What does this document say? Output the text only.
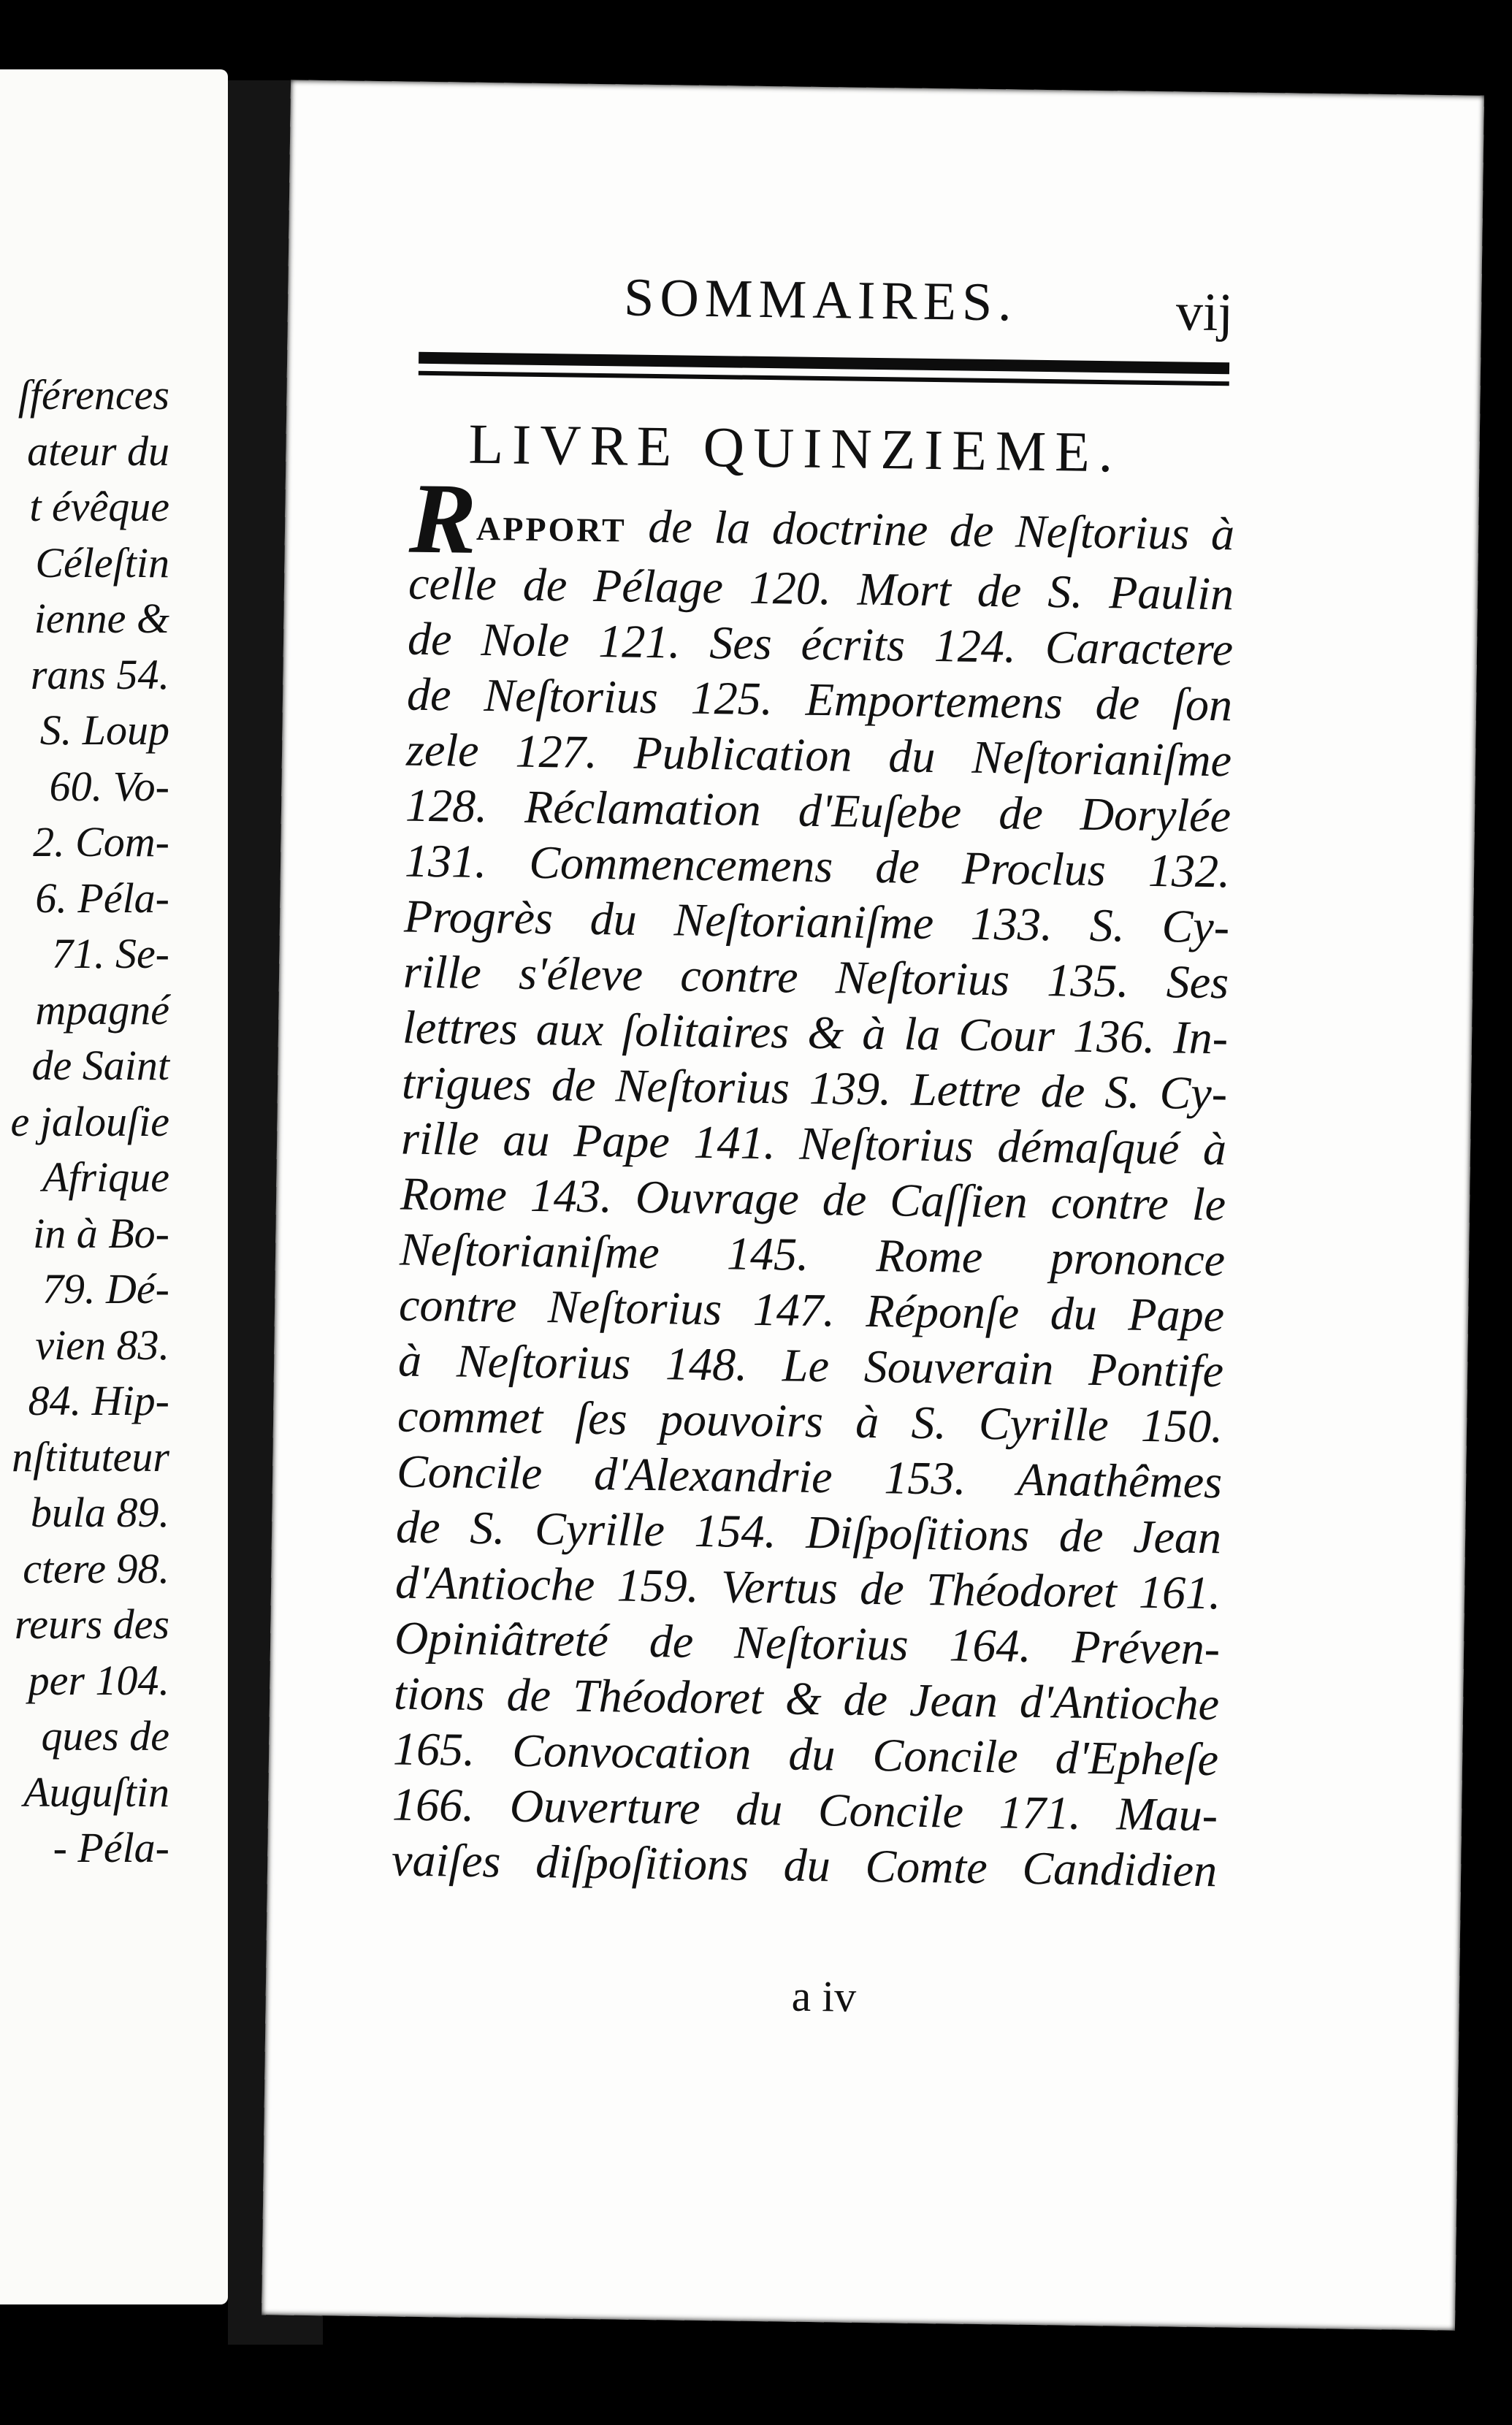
ſférences
ateur du
t évêque
Céleſtin
ienne &
rans 54.
S. Loup
60. Vo-
2. Com-
6. Péla-
71. Se-
mpagné
de Saint
e jalouſie
Afrique
in à Bo-
79. Dé-
vien 83.
84. Hip-
nſtituteur
bula 89.
ctere 98.
reurs des
per 104.
ques de
Auguſtin
- Péla-
SOMMAIRES.	vij
LIVRE QUINZIEME.
RAPPORT de la doctrine de Neſtorius à
celle de Pélage 120. Mort de S. Paulin
de Nole 121. Ses écrits 124. Caractere
de Neſtorius 125. Emportemens de ſon
zele 127. Publication du Neſtorianiſme
128. Réclamation d'Euſebe de Dorylée
131. Commencemens de Proclus 132.
Progrès du Neſtorianiſme 133. S. Cy-
rille s'éleve contre Neſtorius 135. Ses
lettres aux ſolitaires & à la Cour 136. In-
trigues de Neſtorius 139. Lettre de S. Cy-
rille au Pape 141. Neſtorius démaſqué à
Rome 143. Ouvrage de Caſſien contre le
Neſtorianiſme 145. Rome prononce
contre Neſtorius 147. Réponſe du Pape
à Neſtorius 148. Le Souverain Pontife
commet ſes pouvoirs à S. Cyrille 150.
Concile d'Alexandrie 153. Anathêmes
de S. Cyrille 154. Diſpoſitions de Jean
d'Antioche 159. Vertus de Théodoret 161.
Opiniâtreté de Neſtorius 164. Préven-
tions de Théodoret & de Jean d'Antioche
165. Convocation du Concile d'Epheſe
166. Ouverture du Concile 171. Mau-
vaiſes diſpoſitions du Comte Candidien
a iv
